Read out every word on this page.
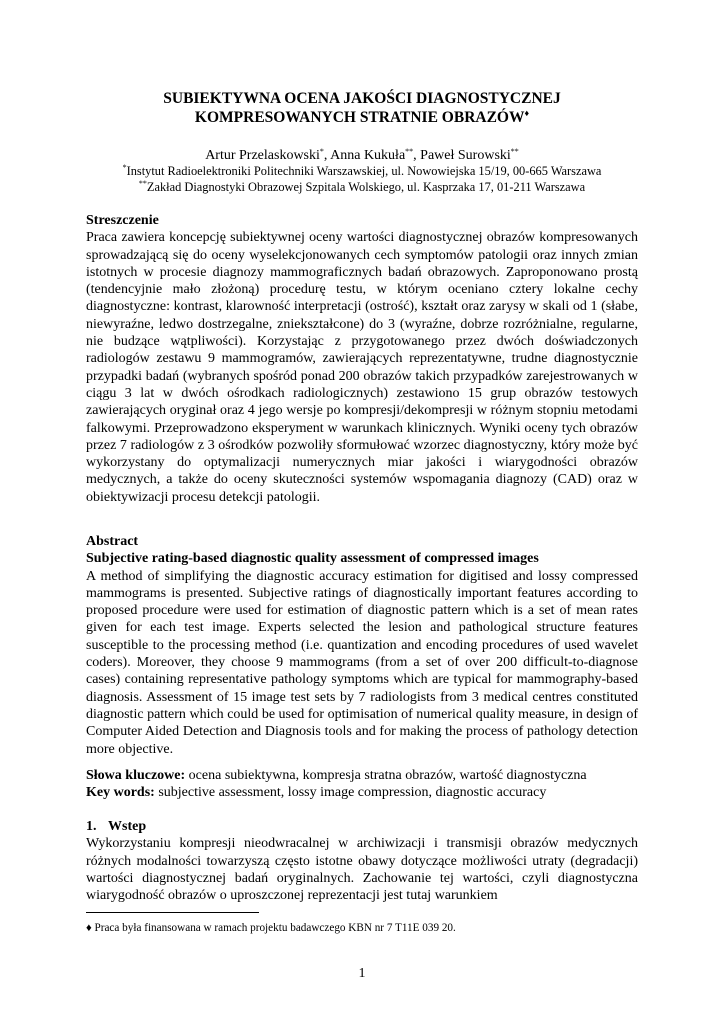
SUBIEKTYWNA OCENA JAKOŚCI DIAGNOSTYCZNEJ
KOMPRESOWANYCH STRATNIE OBRAZÓW♦
Artur Przelaskowski*, Anna Kukuła**, Paweł Surowski**
*Instytut Radioelektroniki Politechniki Warszawskiej, ul. Nowowiejska 15/19, 00-665 Warszawa
**Zakład Diagnostyki Obrazowej Szpitala Wolskiego, ul. Kasprzaka 17, 01-211 Warszawa
Streszczenie
Praca zawiera koncepcję subiektywnej oceny wartości diagnostycznej obrazów kompresowanych sprowadzającą się do oceny wyselekcjonowanych cech symptomów patologii oraz innych zmian istotnych w procesie diagnozy mammograficznych badań obrazowych. Zaproponowano prostą (tendencyjnie mało złożoną) procedurę testu, w którym oceniano cztery lokalne cechy diagnostyczne: kontrast, klarowność interpretacji (ostrość), kształt oraz zarysy w skali od 1 (słabe, niewyraźne, ledwo dostrzegalne, zniekształcone) do 3 (wyraźne, dobrze rozróżnialne, regularne, nie budzące wątpliwości). Korzystając z przygotowanego przez dwóch doświadczonych radiologów zestawu 9 mammogramów, zawierających reprezentatywne, trudne diagnostycznie przypadki badań (wybranych spośród ponad 200 obrazów takich przypadków zarejestrowanych w ciągu 3 lat w dwóch ośrodkach radiologicznych) zestawiono 15 grup obrazów testowych zawierających oryginał oraz 4 jego wersje po kompresji/dekompresji w różnym stopniu metodami falkowymi. Przeprowadzono eksperyment w warunkach klinicznych. Wyniki oceny tych obrazów przez 7 radiologów z 3 ośrodków pozwoliły sformułować wzorzec diagnostyczny, który może być wykorzystany do optymalizacji numerycznych miar jakości i wiarygodności obrazów medycznych, a także do oceny skuteczności systemów wspomagania diagnozy (CAD) oraz w obiektywizacji procesu detekcji patologii.
Abstract
Subjective rating-based diagnostic quality assessment of compressed images
A method of simplifying the diagnostic accuracy estimation for digitised and lossy compressed mammograms is presented. Subjective ratings of diagnostically important features according to proposed procedure were used for estimation of diagnostic pattern which is a set of mean rates given for each test image. Experts selected the lesion and pathological structure features susceptible to the processing method (i.e. quantization and encoding procedures of used wavelet coders). Moreover, they choose 9 mammograms (from a set of over 200 difficult-to-diagnose cases) containing representative pathology symptoms which are typical for mammography-based diagnosis. Assessment of 15 image test sets by 7 radiologists from 3 medical centres constituted diagnostic pattern which could be used for optimisation of numerical quality measure, in design of Computer Aided Detection and Diagnosis tools and for making the process of pathology detection more objective.
Słowa kluczowe: ocena subiektywna, kompresja stratna obrazów, wartość diagnostyczna
Key words: subjective assessment, lossy image compression, diagnostic accuracy
1. Wstep
Wykorzystaniu kompresji nieodwracalnej w archiwizacji i transmisji obrazów medycznych różnych modalności towarzyszą często istotne obawy dotyczące możliwości utraty (degradacji) wartości diagnostycznej badań oryginalnych. Zachowanie tej wartości, czyli diagnostyczna wiarygodność obrazów o uproszczonej reprezentacji jest tutaj warunkiem
♦ Praca była finansowana w ramach projektu badawczego KBN nr 7 T11E 039 20.
1
